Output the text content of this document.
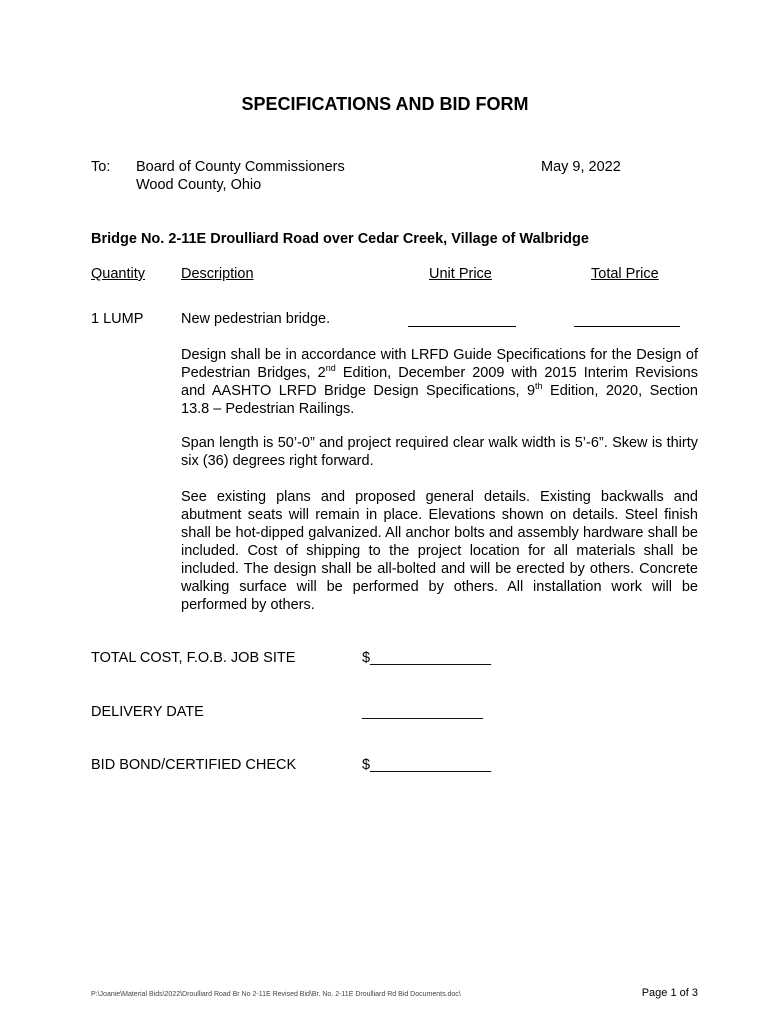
SPECIFICATIONS AND BID FORM
To: Board of County Commissioners
Wood County, Ohio
May 9, 2022
Bridge No. 2-11E Droulliard Road over Cedar Creek, Village of Walbridge
Quantity Description	Unit Price	Total Price
1 LUMP	New pedestrian bridge.
Design shall be in accordance with LRFD Guide Specifications for the Design of Pedestrian Bridges, 2nd Edition, December 2009 with 2015 Interim Revisions and AASHTO LRFD Bridge Design Specifications, 9th Edition, 2020, Section 13.8 – Pedestrian Railings.
Span length is 50’-0” and project required clear walk width is 5’-6”. Skew is thirty six (36) degrees right forward.
See existing plans and proposed general details. Existing backwalls and abutment seats will remain in place. Elevations shown on details. Steel finish shall be hot-dipped galvanized. All anchor bolts and assembly hardware shall be included. Cost of shipping to the project location for all materials shall be included. The design shall be all-bolted and will be erected by others. Concrete walking surface will be performed by others. All installation work will be performed by others.
TOTAL COST, F.O.B. JOB SITE	$_______________
DELIVERY DATE	_______________
BID BOND/CERTIFIED CHECK	$_______________
P:\Joanie\Material Bids\2022\Droulliard Road Br No 2-11E Revised Bid\Br. No. 2-11E Droulliard Rd Bid Documents.doc\	Page 1 of 3
